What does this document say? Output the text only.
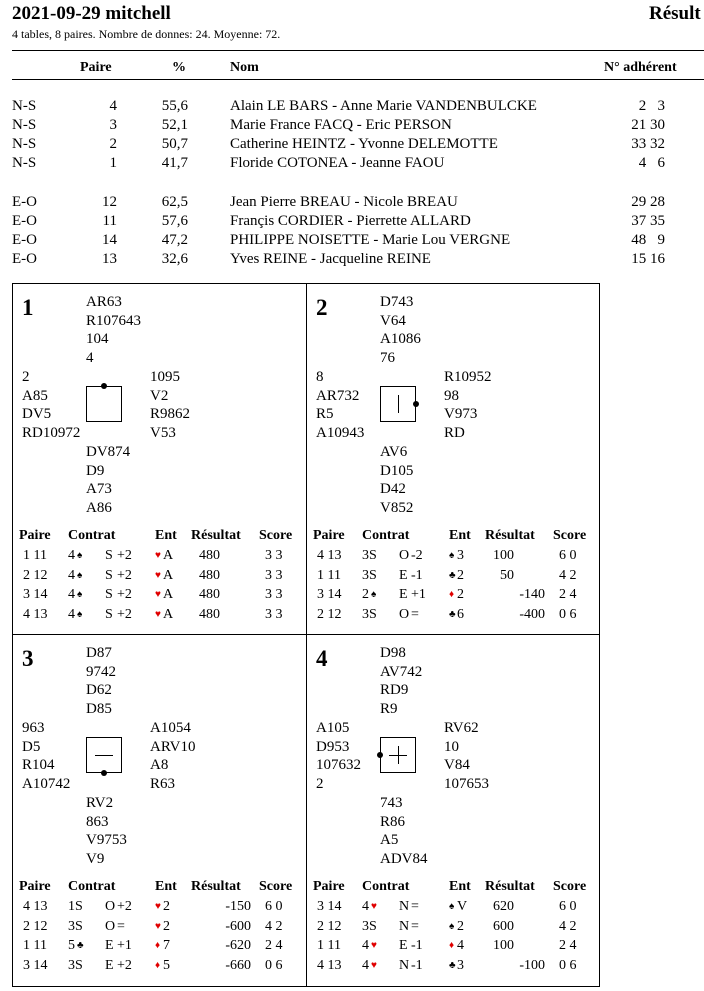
2021-09-29 mitchell	Résult
4 tables, 8 paires. Nombre de donnes: 24. Moyenne: 72.
Paire	%	Nom	N° adhérent
N-S	4	55,6	Alain LE BARS - Anne Marie VANDENBULCKE	2   3
N-S	3	52,1	Marie France FACQ - Eric PERSON	21 30
N-S	2	50,7	Catherine HEINTZ - Yvonne DELEMOTTE	33 32
N-S	1	41,7	Floride COTONEA - Jeanne FAOU	4   6
E-O	12	62,5	Jean Pierre BREAU - Nicole BREAU	29 28
E-O	11	57,6	Françis CORDIER - Pierrette ALLARD	37 35
E-O	14	47,2	PHILIPPE NOISETTE - Marie Lou VERGNE	48   9
E-O	13	32,6	Yves REINE - Jacqueline REINE	15 16
1	AR63
R107643
104
4
2
A85
DV5
RD10972
1095
V2
R9862
V53
DV874
D9
A73
A86
Paire Contrat	Ent Résultat Score
1 11 4 ♠ S +2 ♥ A 480	3 3
2 12 4 ♠ S +2 ♥ A 480	3 3
3 14 4 ♠ S +2 ♥ A 480	3 3
4 13 4 ♠ S +2 ♥ A 480	3 3
2	D743
V64
A1086
76
8
AR732
R5
A10943
R10952
98
V973
RD
AV6
D105
D42
V852
Paire Contrat	Ent Résultat Score
4 13 3S O -2	♠ 3 100	6 0
1 11 3S E -1	♣ 2	50	4 2
3 14 2 ♠ E +1 ♦ 2	-140 2 4
2 12 3S O =	♣ 6	-400 0 6
3	D87
9742
D62
D85
963
D5
R104
A10742
A1054
ARV10
A8
R63
RV2
863
V9753
V9
Paire Contrat	Ent Résultat Score
4 13 1S O +2 ♥ 2	-150 6 0
2 12 3S O =	♥ 2	-600 4 2
1 11 5 ♣ E +1 ♦ 7	-620 2 4
3 14 3S E +2 ♦ 5	-660 0 6
4	D98
AV742
RD9
R9
A105
D953
107632
2
RV62
10
V84
107653
743
R86
A5
ADV84
Paire Contrat	Ent Résultat Score
3 14 4 ♥ N =	♠ V 620	6 0
2 12 3S N =	♠ 2 600	4 2
1 11 4 ♥ E -1	♦ 4 100	2 4
4 13 4 ♥ N -1	♣ 3	-100 0 6
